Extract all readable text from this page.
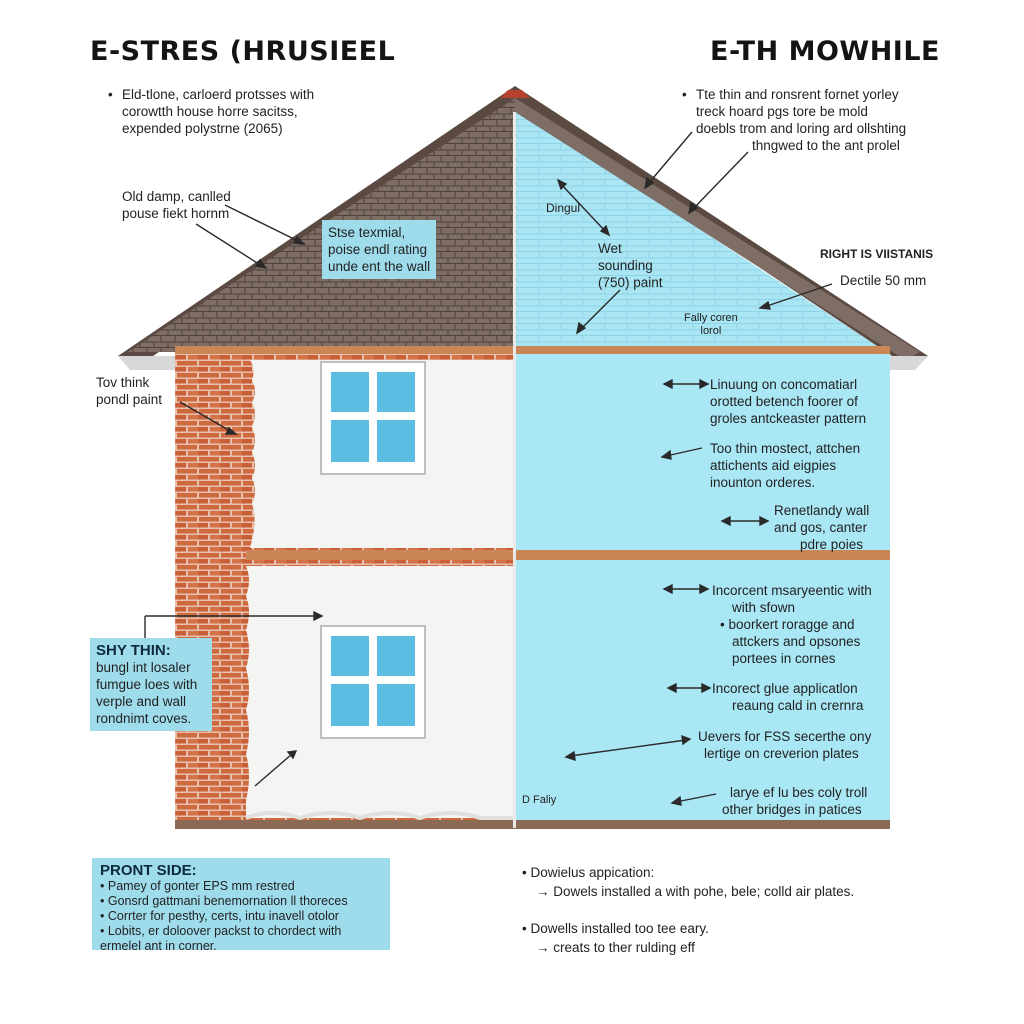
E-STRES (HRUSIEEL	E-TH MOWHILE
• Eld-tlone, carloerd protsses with
corowtth house horre sacitss,
expended polystrne (2065)
Old damp, canlled
pouse fiekt hornm
Stse texmial,
poise endl rating
unde ent the wall
Tov think
pondl paint
SHY THIN:
bungl int losaler
fumgue loes with
verple and wall
rondnimt coves.
• Tte thin and ronsrent fornet yorley
treck hoard pgs tore be mold
doebls trom and loring ard ollshting
thngwed to the ant prolel
Dingul
Wet
sounding
(750) paint
RIGHT IS VIISTANIS
Dectile 50 mm
Fally coren
lorol
Linuung on concomatiarl
orotted betench foorer of
groles antckeaster pattern
Too thin mostect, attchen
attichents aid eigpies
inounton orderes.
Renetlandy wall
and gos, canter
pdre poies
Incorcent msaryeentic with
with sfown
• boorkert roragge and
attckers and opsones
portees in cornes
Incorect glue applicatlon
reaung cald in crernra
Uevers for FSS secerthe ony
lertige on creverion plates
larye ef lu bes coly troll
other bridges in patices
D Faliy
PRONT SIDE:
• Pamey of gonter EPS mm restred
• Gonsrd gattmani benemornation ll thoreces
• Corrter for pesthy, certs, intu inavell otolor
• Lobits, er doloover packst to chordect with
ermelel ant in corner.
• Dowielus appication:
→ Dowels installed a with pohe, bele; colld air plates.
• Dowells installed too tee eary.
→ creats to ther rulding eff
